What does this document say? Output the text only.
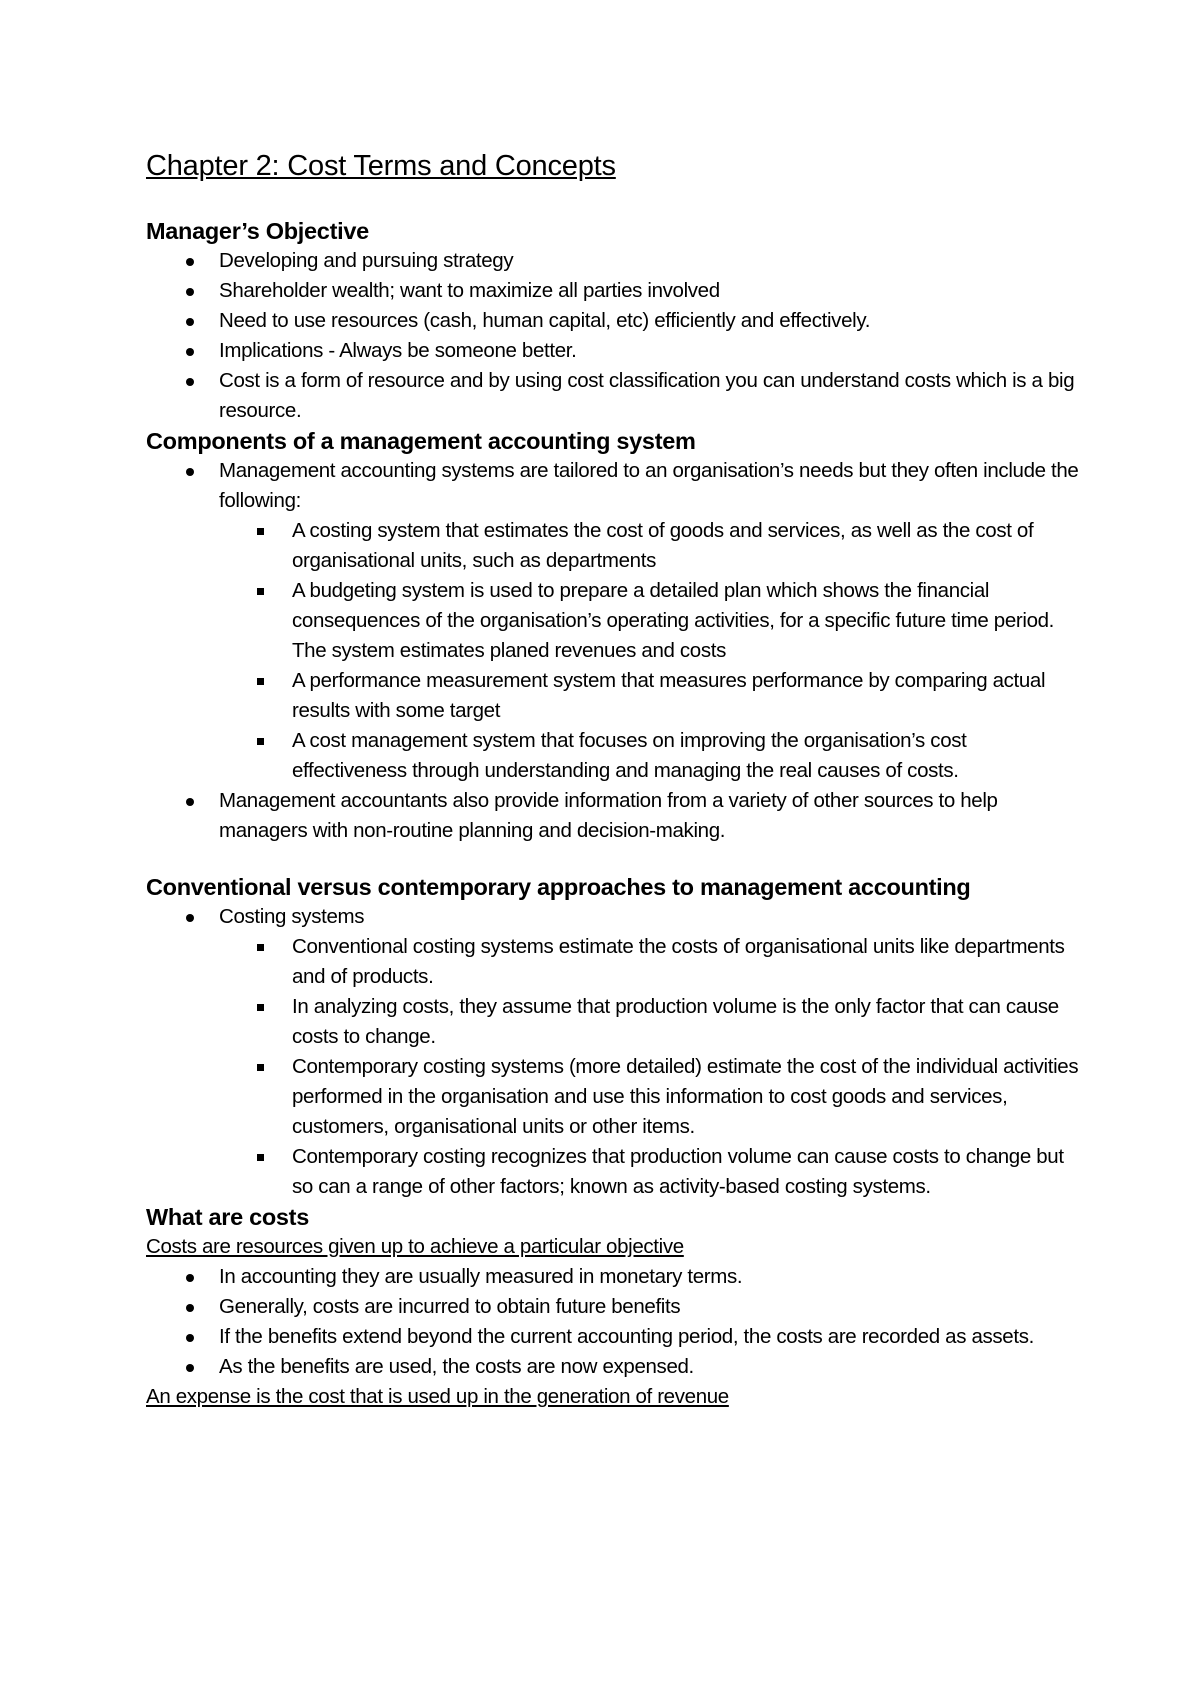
Chapter 2: Cost Terms and Concepts
Manager’s Objective
Developing and pursuing strategy
Shareholder wealth; want to maximize all parties involved
Need to use resources (cash, human capital, etc) efficiently and effectively.
Implications - Always be someone better.
Cost is a form of resource and by using cost classification you can understand costs which is a big resource.
Components of a management accounting system
Management accounting systems are tailored to an organisation’s needs but they often include the following:
A costing system that estimates the cost of goods and services, as well as the cost of organisational units, such as departments
A budgeting system is used to prepare a detailed plan which shows the financial consequences of the organisation’s operating activities, for a specific future time period. The system estimates planed revenues and costs
A performance measurement system that measures performance by comparing actual results with some target
A cost management system that focuses on improving the organisation’s cost effectiveness through understanding and managing the real causes of costs.
Management accountants also provide information from a variety of other sources to help managers with non-routine planning and decision-making.
Conventional versus contemporary approaches to management accounting
Costing systems
Conventional costing systems estimate the costs of organisational units like departments and of products.
In analyzing costs, they assume that production volume is the only factor that can cause costs to change.
Contemporary costing systems (more detailed) estimate the cost of the individual activities performed in the organisation and use this information to cost goods and services, customers, organisational units or other items.
Contemporary costing recognizes that production volume can cause costs to change but so can a range of other factors; known as activity-based costing systems.
What are costs

Costs are resources given up to achieve a particular objective

In accounting they are usually measured in monetary terms.
Generally, costs are incurred to obtain future benefits
If the benefits extend beyond the current accounting period, the costs are recorded as assets.
As the benefits are used, the costs are now expensed.

An expense is the cost that is used up in the generation of revenue
